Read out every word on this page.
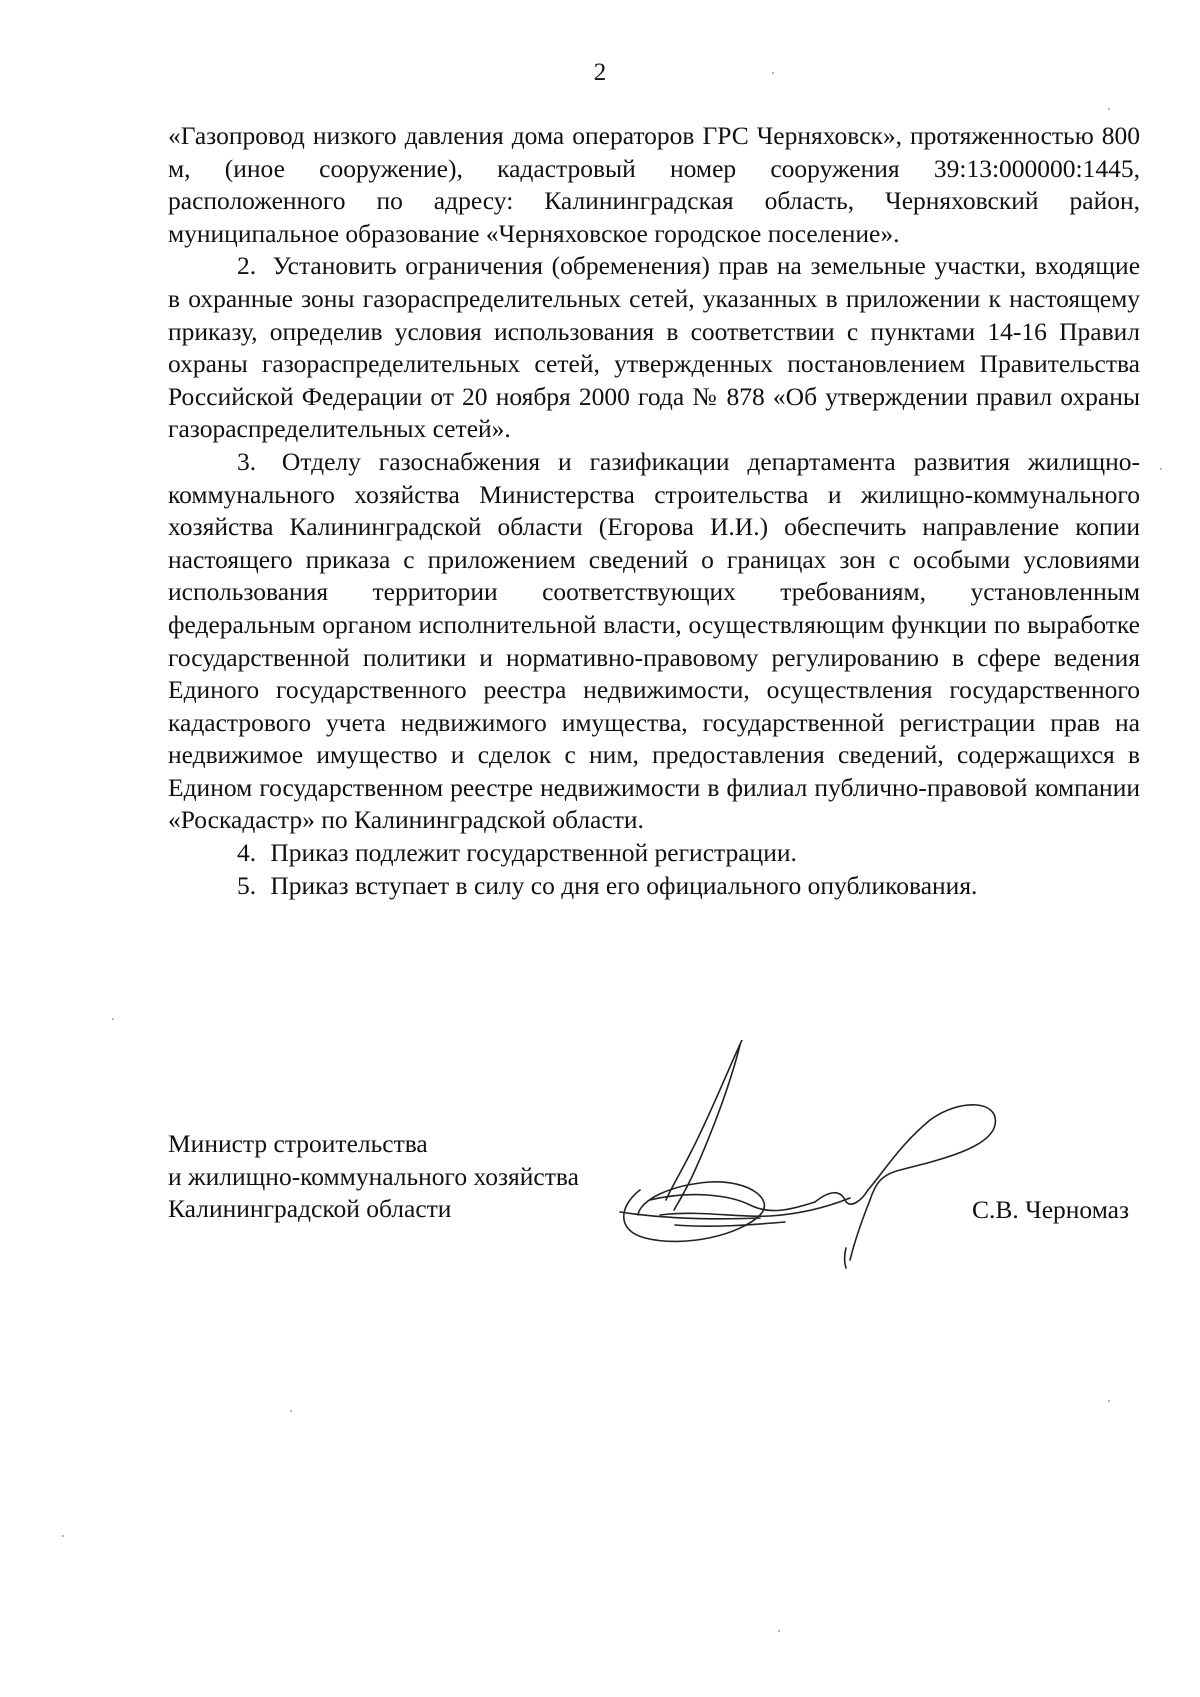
2

«Газопровод низкого давления дома операторов ГРС Черняховск», протяженностью 800 м, (иное сооружение), кадастровый номер сооружения 39:13:000000:1445, расположенного по адресу: Калининградская область, Черняховский район, муниципальное образование «Черняховское городское поселение».

2. Установить ограничения (обременения) прав на земельные участки, входящие в охранные зоны газораспределительных сетей, указанных в приложении к настоящему приказу, определив условия использования в соответствии с пунктами 14-16 Правил охраны газораспределительных сетей, утвержденных постановлением Правительства Российской Федерации от 20 ноября 2000 года № 878 «Об утверждении правил охраны газораспределительных сетей».

3. Отделу газоснабжения и газификации департамента развития жилищно-коммунального хозяйства Министерства строительства и жилищно-коммунального хозяйства Калининградской области (Егорова И.И.) обеспечить направление копии настоящего приказа с приложением сведений о границах зон с особыми условиями использования территории соответствующих требованиям, установленным федеральным органом исполнительной власти, осуществляющим функции по выработке государственной политики и нормативно-правовому регулированию в сфере ведения Единого государственного реестра недвижимости, осуществления государственного кадастрового учета недвижимого имущества, государственной регистрации прав на недвижимое имущество и сделок с ним, предоставления сведений, содержащихся в Едином государственном реестре недвижимости в филиал публично-правовой компании «Роскадастр» по Калининградской области.

4. Приказ подлежит государственной регистрации.

5. Приказ вступает в силу со дня его официального опубликования.

Министр строительства
и жилищно-коммунального хозяйства
Калининградской области	С.В. Черномаз
